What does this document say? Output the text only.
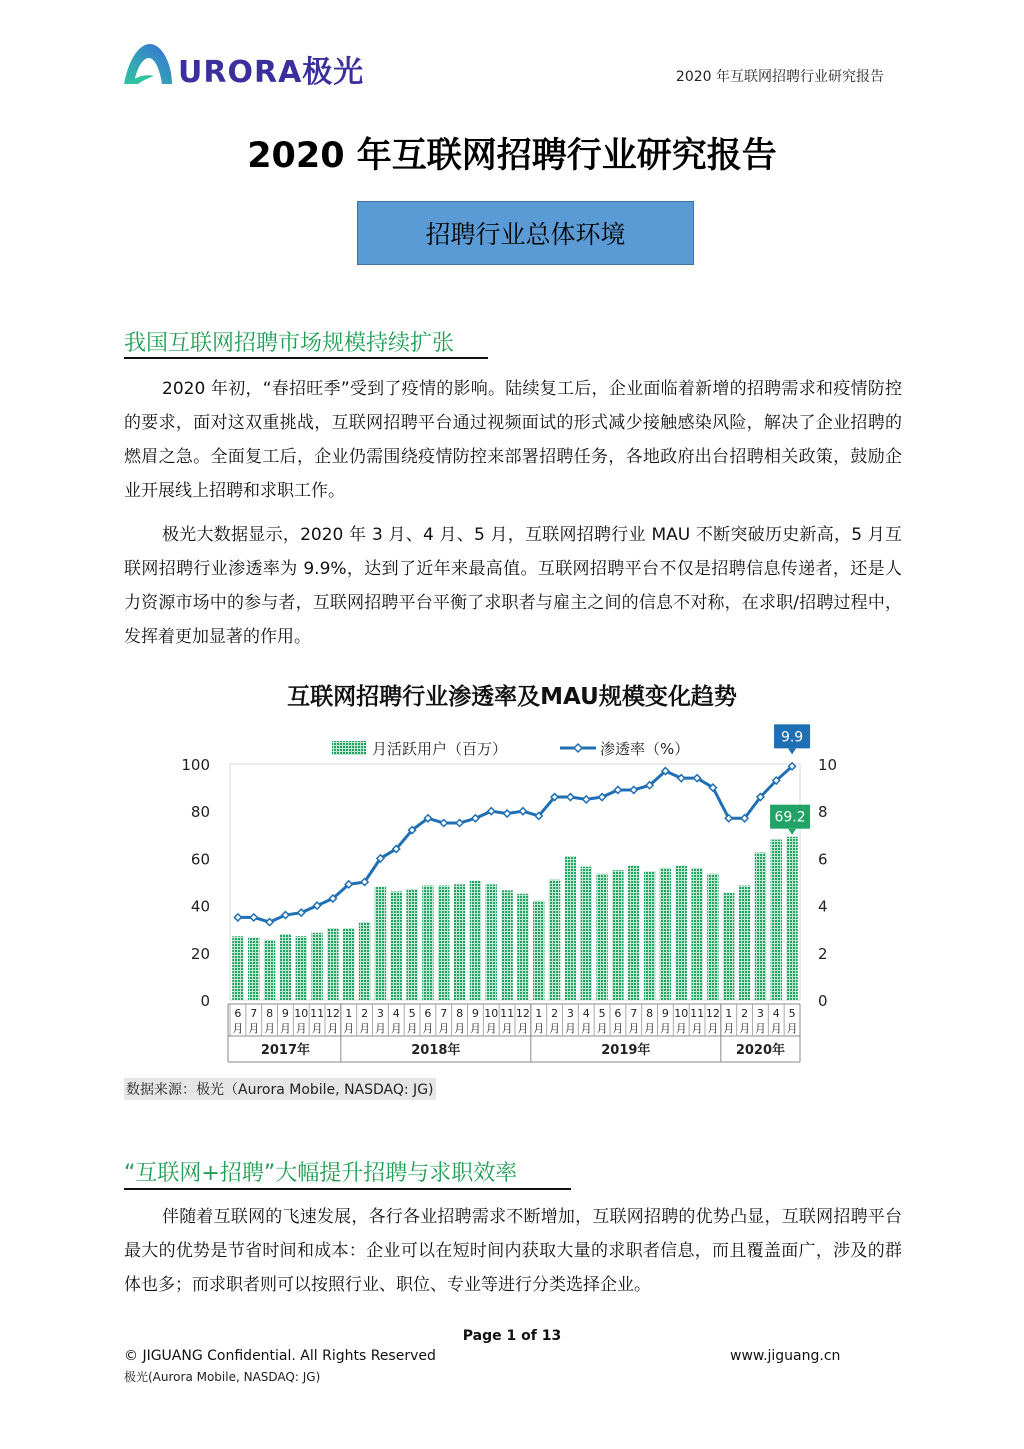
URORA极光	2020 年互联网招聘行业研究报告
2020 年互联网招聘行业研究报告
招聘行业总体环境
我国互联网招聘市场规模持续扩张

2020 年初，“春招旺季”受到了疫情的影响。陆续复工后，企业面临着新增的招聘需求和疫情防控的要求，面对这双重挑战，互联网招聘平台通过视频面试的形式减少接触感染风险，解决了企业招聘的燃眉之急。全面复工后，企业仍需围绕疫情防控来部署招聘任务，各地政府出台招聘相关政策，鼓励企业开展线上招聘和求职工作。

极光大数据显示，2020 年 3 月、4 月、5 月，互联网招聘行业 MAU 不断突破历史新高，5 月互联网招聘行业渗透率为 9.9%，达到了近年来最高值。互联网招聘平台不仅是招聘信息传递者，还是人力资源市场中的参与者，互联网招聘平台平衡了求职者与雇主之间的信息不对称，在求职/招聘过程中，发挥着更加显著的作用。

互联网招聘行业渗透率及MAU规模变化趋势
0
20
40
60
80
100
0
2
4
6
8
10
6
月
7
月
8
月
9
月
10
月
11
月
12
月
1
月
2
月
3
月
4
月
5
月
6
月
7
月
8
月
9
月
10
月
11
月
12
月
1
月
2
月
3
月
4
月
5
月
6
月
7
月
8
月
9
月
10
月
11
月
12
月
1
月
2
月
3
月
4
月
5
月
2017年	2018年	2019年	2020年
月活跃用户（百万）	渗透率（%）
9.9
69.2
数据来源：极光（Aurora Mobile, NASDAQ: JG)
“互联网+招聘”大幅提升招聘与求职效率

伴随着互联网的飞速发展，各行各业招聘需求不断增加，互联网招聘的优势凸显，互联网招聘平台最大的优势是节省时间和成本：企业可以在短时间内获取大量的求职者信息，而且覆盖面广，涉及的群体也多；而求职者则可以按照行业、职位、专业等进行分类选择企业。

Page 1 of 13
© JIGUANG Confidential. All Rights Reserved	www.jiguang.cn
极光(Aurora Mobile, NASDAQ: JG)
